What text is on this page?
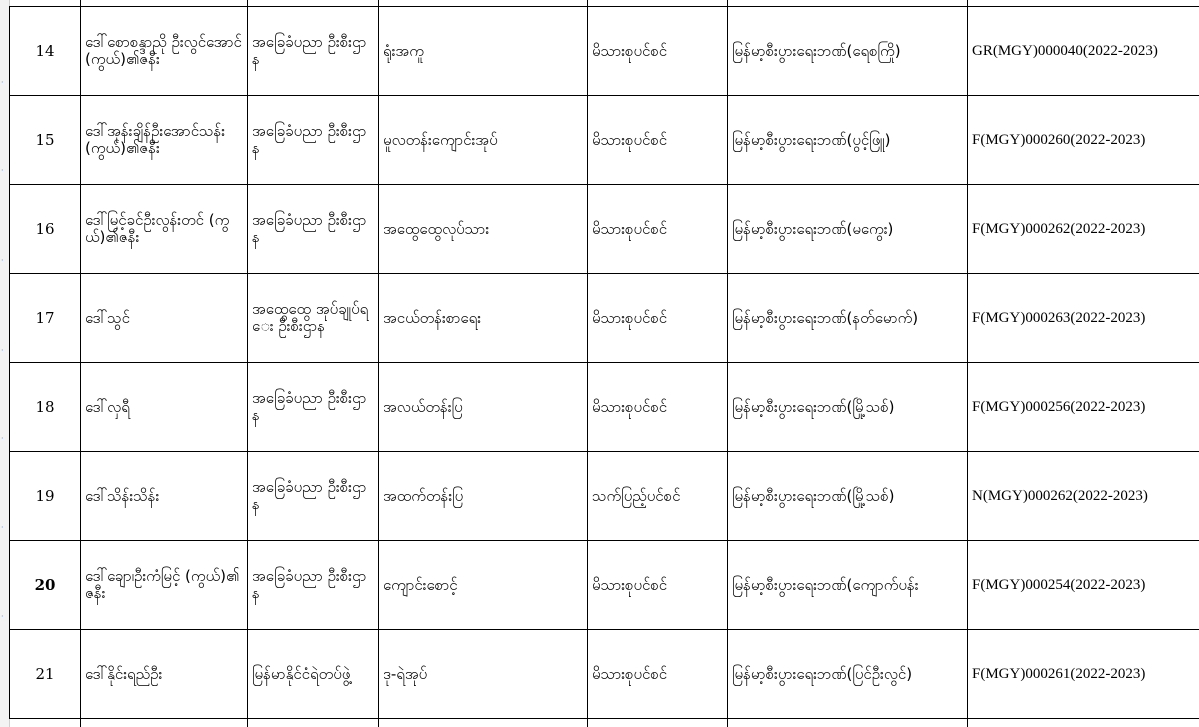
·
·
·
·
·
·
·
14	ဒေါ်စောစန္ဒာညို ဦးလွင်အောင် (ကွယ်)၏ဇနီး	အခြေခံပညာ ဦးစီးဌာန	ရုံးအကူ	မိသားစုပင်စင်	မြန်မာ့စီးပွားရေးဘဏ်(ရေစကြို)	GR(MGY)000040(2022-2023)
15	ဒေါ်အုန်းချိန်ဦးအောင်သန်း (ကွယ်)၏ဇနီး	အခြေခံပညာ ဦးစီးဌာန	မူလတန်းကျောင်းအုပ်	မိသားစုပင်စင်	မြန်မာ့စီးပွားရေးဘဏ်(ပွင့်ဖြူ)	F(MGY)000260(2022-2023)
16	ဒေါ်မြင့်ခင်ဦးလွန်းတင် (ကွယ်)၏ဇနီး	အခြေခံပညာ ဦးစီးဌာန	အထွေထွေလုပ်သား	မိသားစုပင်စင်	မြန်မာ့စီးပွားရေးဘဏ်(မကွေး)	F(MGY)000262(2022-2023)
17	ဒေါ်သွင်	အထွေထွေ အုပ်ချုပ်ရေး ဦးစီးဌာန	အငယ်တန်းစာရေး	မိသားစုပင်စင်	မြန်မာ့စီးပွားရေးဘဏ်(နတ်မောက်)	F(MGY)000263(2022-2023)
18	ဒေါ်လှရီ	အခြေခံပညာ ဦးစီးဌာန	အလယ်တန်းပြ	မိသားစုပင်စင်	မြန်မာ့စီးပွားရေးဘဏ်(မြို့သစ်)	F(MGY)000256(2022-2023)
19	ဒေါ်သိန်းသိန်း	အခြေခံပညာ ဦးစီးဌာန	အထက်တန်းပြ	သက်ပြည့်ပင်စင်	မြန်မာ့စီးပွားရေးဘဏ်(မြို့သစ်)	N(MGY)000262(2022-2023)
20	ဒေါ်ချော၊ဦးကံမြင့် (ကွယ်)၏ဇနီး	အခြေခံပညာ ဦးစီးဌာန	ကျောင်းစောင့်	မိသားစုပင်စင်	မြန်မာ့စီးပွားရေးဘဏ်(ကျောက်ပန်း	F(MGY)000254(2022-2023)
21	ဒေါ်နိုင်းရည်ဦး	မြန်မာနိုင်ငံရဲတပ်ဖွဲ့	ဒု-ရဲအုပ်	မိသားစုပင်စင်	မြန်မာ့စီးပွားရေးဘဏ်(ပြင်ဦးလွင်)	F(MGY)000261(2022-2023)
